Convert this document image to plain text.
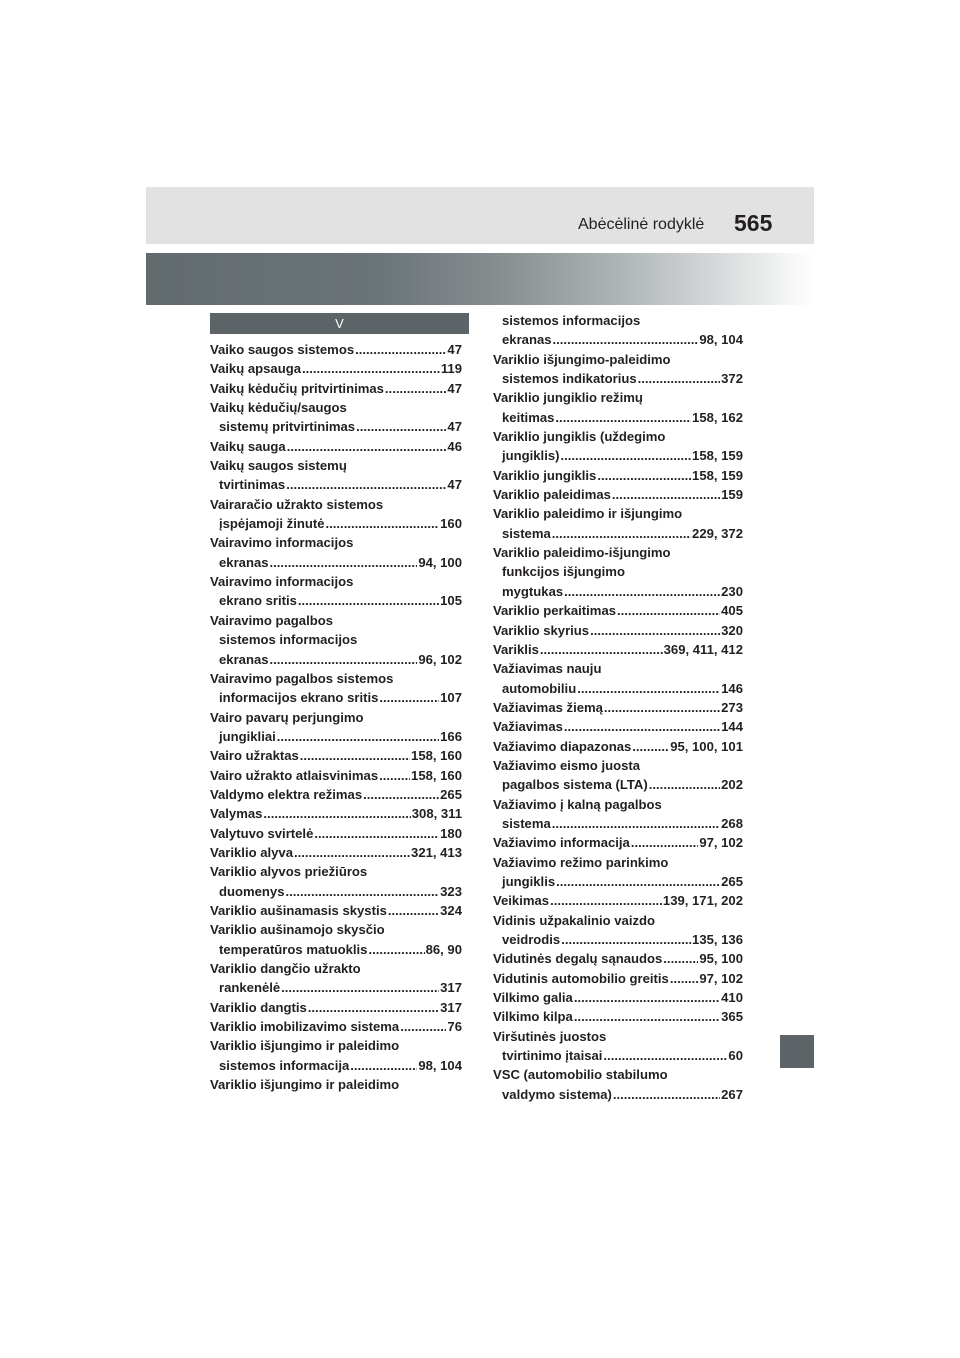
Abėcėlinė rodyklė 565
V
Vaiko saugos sistemos .....	47
Vaikų apsauga .....	119
Vaikų kėdučių pritvirtinimas .....	47
Vaikų kėdučių/saugos
sistemų pritvirtinimas .....	47
Vaikų sauga .....	46
Vaikų saugos sistemų
tvirtinimas .....	47
Vairaračio užrakto sistemos
įspėjamoji žinutė .....	160
Vairavimo informacijos
ekranas .....	94, 100
Vairavimo informacijos
ekrano sritis .....	105
Vairavimo pagalbos
sistemos informacijos
ekranas .....	96, 102
Vairavimo pagalbos sistemos
informacijos ekrano sritis .....	107
Vairo pavarų perjungimo
jungikliai .....	166
Vairo užraktas .....	158, 160
Vairo užrakto atlaisvinimas .....	158, 160
Valdymo elektra režimas .....	265
Valymas .....	308, 311
Valytuvo svirtelė .....	180
Variklio alyva .....	321, 413
Variklio alyvos priežiūros
duomenys .....	323
Variklio aušinamasis skystis .....	324
Variklio aušinamojo skysčio
temperatūros matuoklis .....	86, 90
Variklio dangčio užrakto
rankenėlė .....	317
Variklio dangtis .....	317
Variklio imobilizavimo sistema .....	76
Variklio išjungimo ir paleidimo
sistemos informacija .....	98, 104
Variklio išjungimo ir paleidimo
sistemos informacijos
ekranas .....	98, 104
Variklio išjungimo-paleidimo
sistemos indikatorius .....	372
Variklio jungiklio režimų
keitimas .....	158, 162
Variklio jungiklis (uždegimo
jungiklis) .....	158, 159
Variklio jungiklis .....	158, 159
Variklio paleidimas .....	159
Variklio paleidimo ir išjungimo
sistema .....	229, 372
Variklio paleidimo-išjungimo
funkcijos išjungimo
mygtukas .....	230
Variklio perkaitimas .....	405
Variklio skyrius .....	320
Variklis .....	369, 411, 412
Važiavimas nauju
automobiliu .....	146
Važiavimas žiemą .....	273
Važiavimas .....	144
Važiavimo diapazonas .....	95, 100, 101
Važiavimo eismo juosta
pagalbos sistema (LTA) .....	202
Važiavimo į kalną pagalbos
sistema .....	268
Važiavimo informacija .....	97, 102
Važiavimo režimo parinkimo
jungiklis .....	265
Veikimas .....	139, 171, 202
Vidinis užpakalinio vaizdo
veidrodis .....	135, 136
Vidutinės degalų sąnaudos .....	95, 100
Vidutinis automobilio greitis ..... 97, 102
Vilkimo galia .....	410
Vilkimo kilpa .....	365
Viršutinės juostos
tvirtinimo įtaisai .....	60
VSC (automobilio stabilumo
valdymo sistema) .....	267
